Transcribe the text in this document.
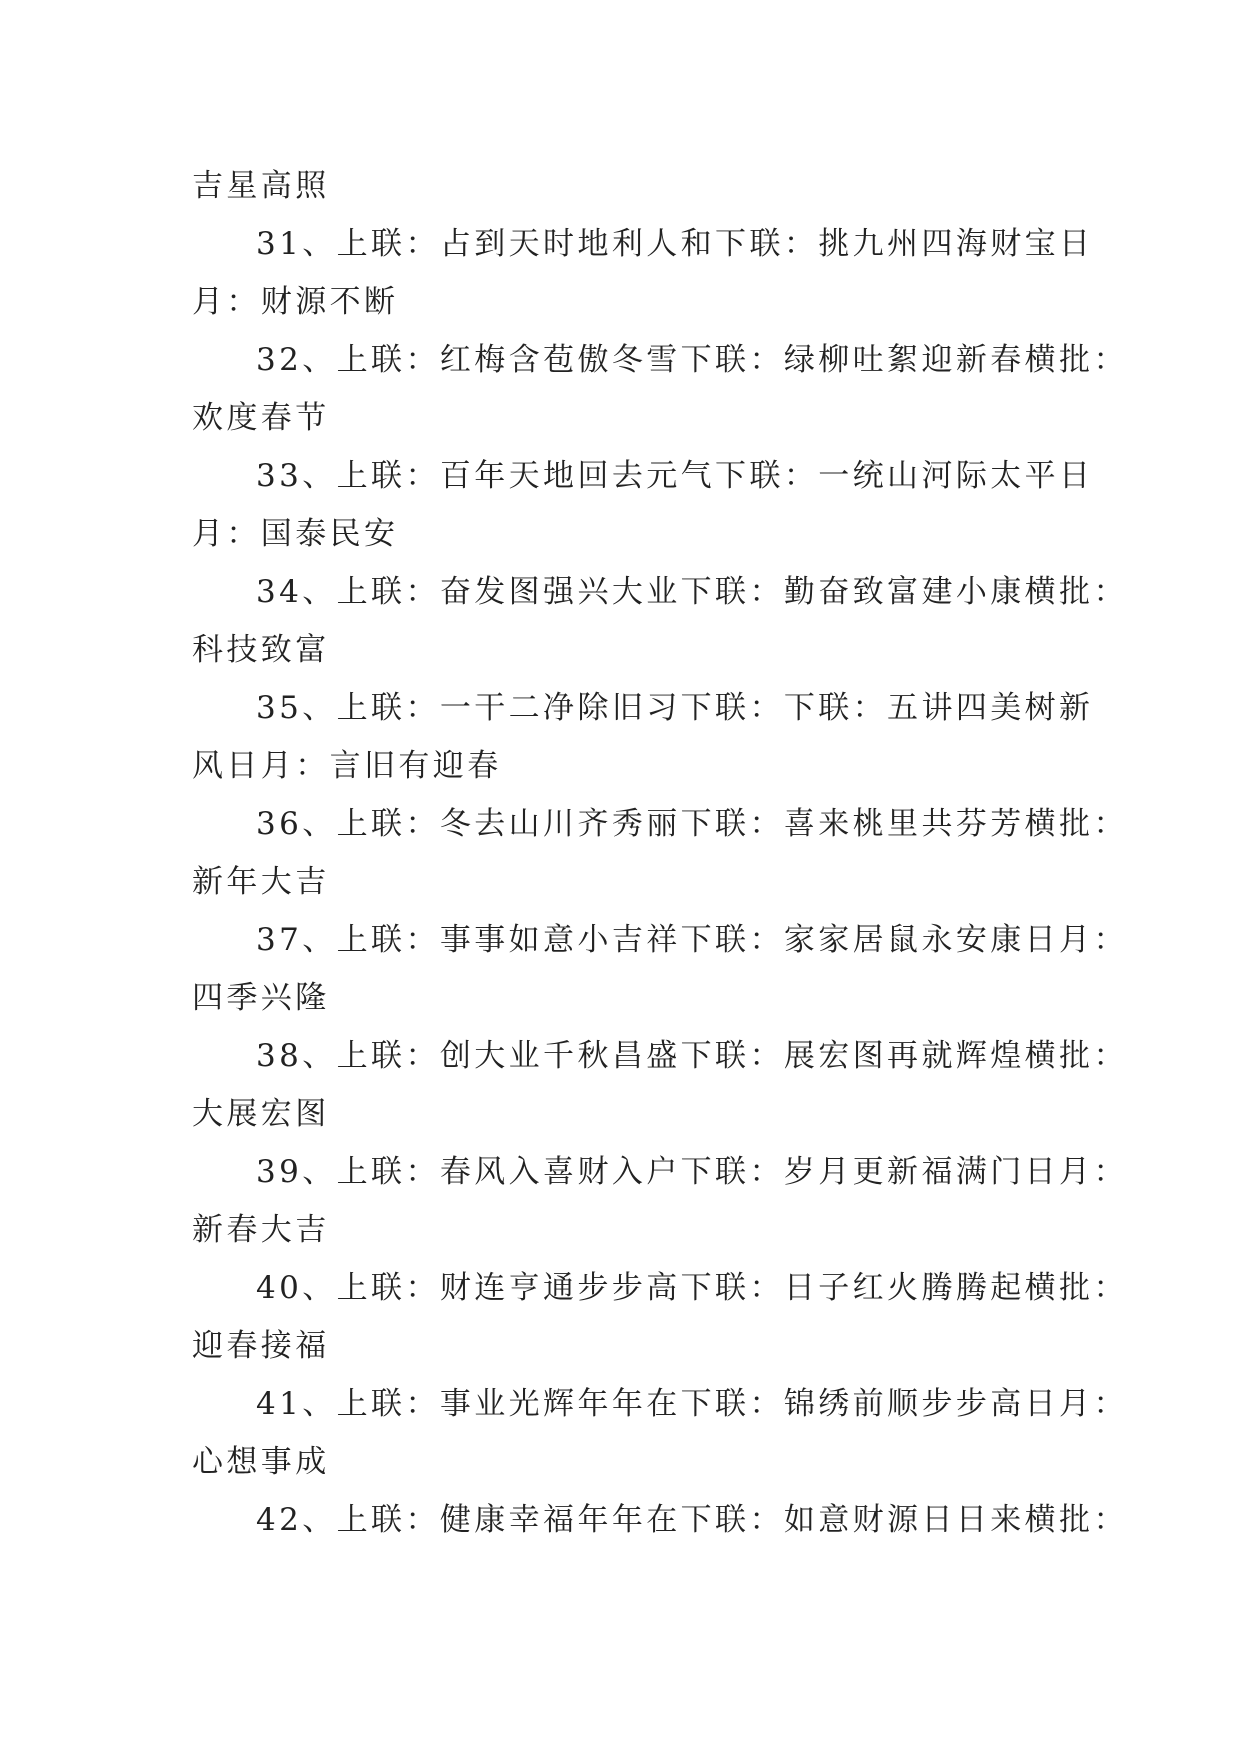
吉星高照

31、上联：占到天时地利人和下联：挑九州四海财宝日
月：财源不断

32、上联：红梅含苞傲冬雪下联：绿柳吐絮迎新春横批：
欢度春节

33、上联：百年天地回去元气下联：一统山河际太平日
月：国泰民安

34、上联：奋发图强兴大业下联：勤奋致富建小康横批：
科技致富

35、上联：一干二净除旧习下联：下联：五讲四美树新
风日月：言旧有迎春

36、上联：冬去山川齐秀丽下联：喜来桃里共芬芳横批：
新年大吉

37、上联：事事如意小吉祥下联：家家居鼠永安康日月：
四季兴隆

38、上联：创大业千秋昌盛下联：展宏图再就辉煌横批：
大展宏图

39、上联：春风入喜财入户下联：岁月更新福满门日月：
新春大吉

40、上联：财连亨通步步高下联：日子红火腾腾起横批：
迎春接福

41、上联：事业光辉年年在下联：锦绣前顺步步高日月：
心想事成

42、上联：健康幸福年年在下联：如意财源日日来横批：
